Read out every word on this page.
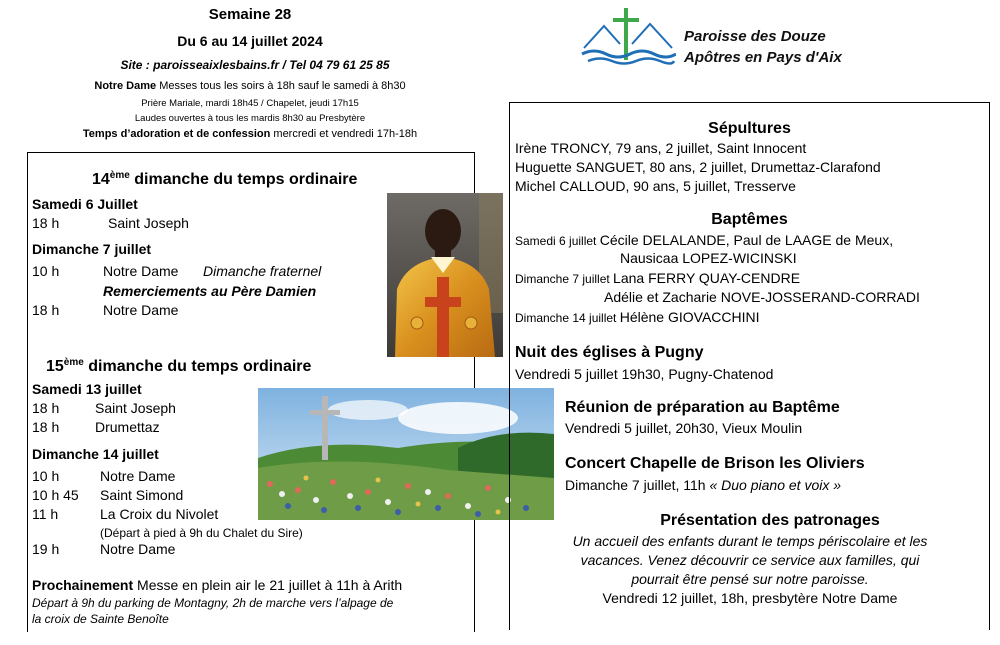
Semaine 28
Du 6 au 14 juillet 2024
Site : paroisseaixlesbains.fr / Tel 04 79 61 25 85
Notre Dame Messes tous les soirs à 18h sauf le samedi à 8h30
Prière Mariale, mardi 18h45 / Chapelet, jeudi 17h15
Laudes ouvertes à tous les mardis 8h30 au Presbytère
Temps d’adoration et de confession mercredi et vendredi 17h-18h
Paroisse des Douze
Apôtres en Pays d'Aix
14ème dimanche du temps ordinaire
Samedi 6 Juillet
18 h	Saint Joseph
Dimanche 7 juillet
10 h	Notre Dame Dimanche fraternel
Remerciements au Père Damien
18 h	Notre Dame
15ème dimanche du temps ordinaire
Samedi 13 juillet
18 h	Saint Joseph
18 h	Drumettaz
Dimanche 14 juillet
10 h	Notre Dame
10 h 45 Saint Simond
11 h	La Croix du Nivolet
(Départ à pied à 9h du Chalet du Sire)
19 h	Notre Dame
Prochainement Messe en plein air le 21 juillet à 11h à Arith
Départ à 9h du parking de Montagny, 2h de marche vers l’alpage de
la croix de Sainte Benoîte
Sépultures
Irène TRONCY, 79 ans, 2 juillet, Saint Innocent
Huguette SANGUET, 80 ans, 2 juillet, Drumettaz-Clarafond
Michel CALLOUD, 90 ans, 5 juillet, Tresserve
Baptêmes
Samedi 6 juillet Cécile DELALANDE, Paul de LAAGE de Meux,
Nausicaa LOPEZ-WICINSKI
Dimanche 7 juillet Lana FERRY QUAY-CENDRE
Adélie et Zacharie NOVE-JOSSERAND-CORRADI
Dimanche 14 juillet Hélène GIOVACCHINI
Nuit des églises à Pugny
Vendredi 5 juillet 19h30, Pugny-Chatenod
Réunion de préparation au Baptême
Vendredi 5 juillet, 20h30, Vieux Moulin
Concert Chapelle de Brison les Oliviers
Dimanche 7 juillet, 11h « Duo piano et voix »
Présentation des patronages
Un accueil des enfants durant le temps périscolaire et les
vacances. Venez découvrir ce service aux familles, qui
pourrait être pensé sur notre paroisse.
Vendredi 12 juillet, 18h, presbytère Notre Dame
